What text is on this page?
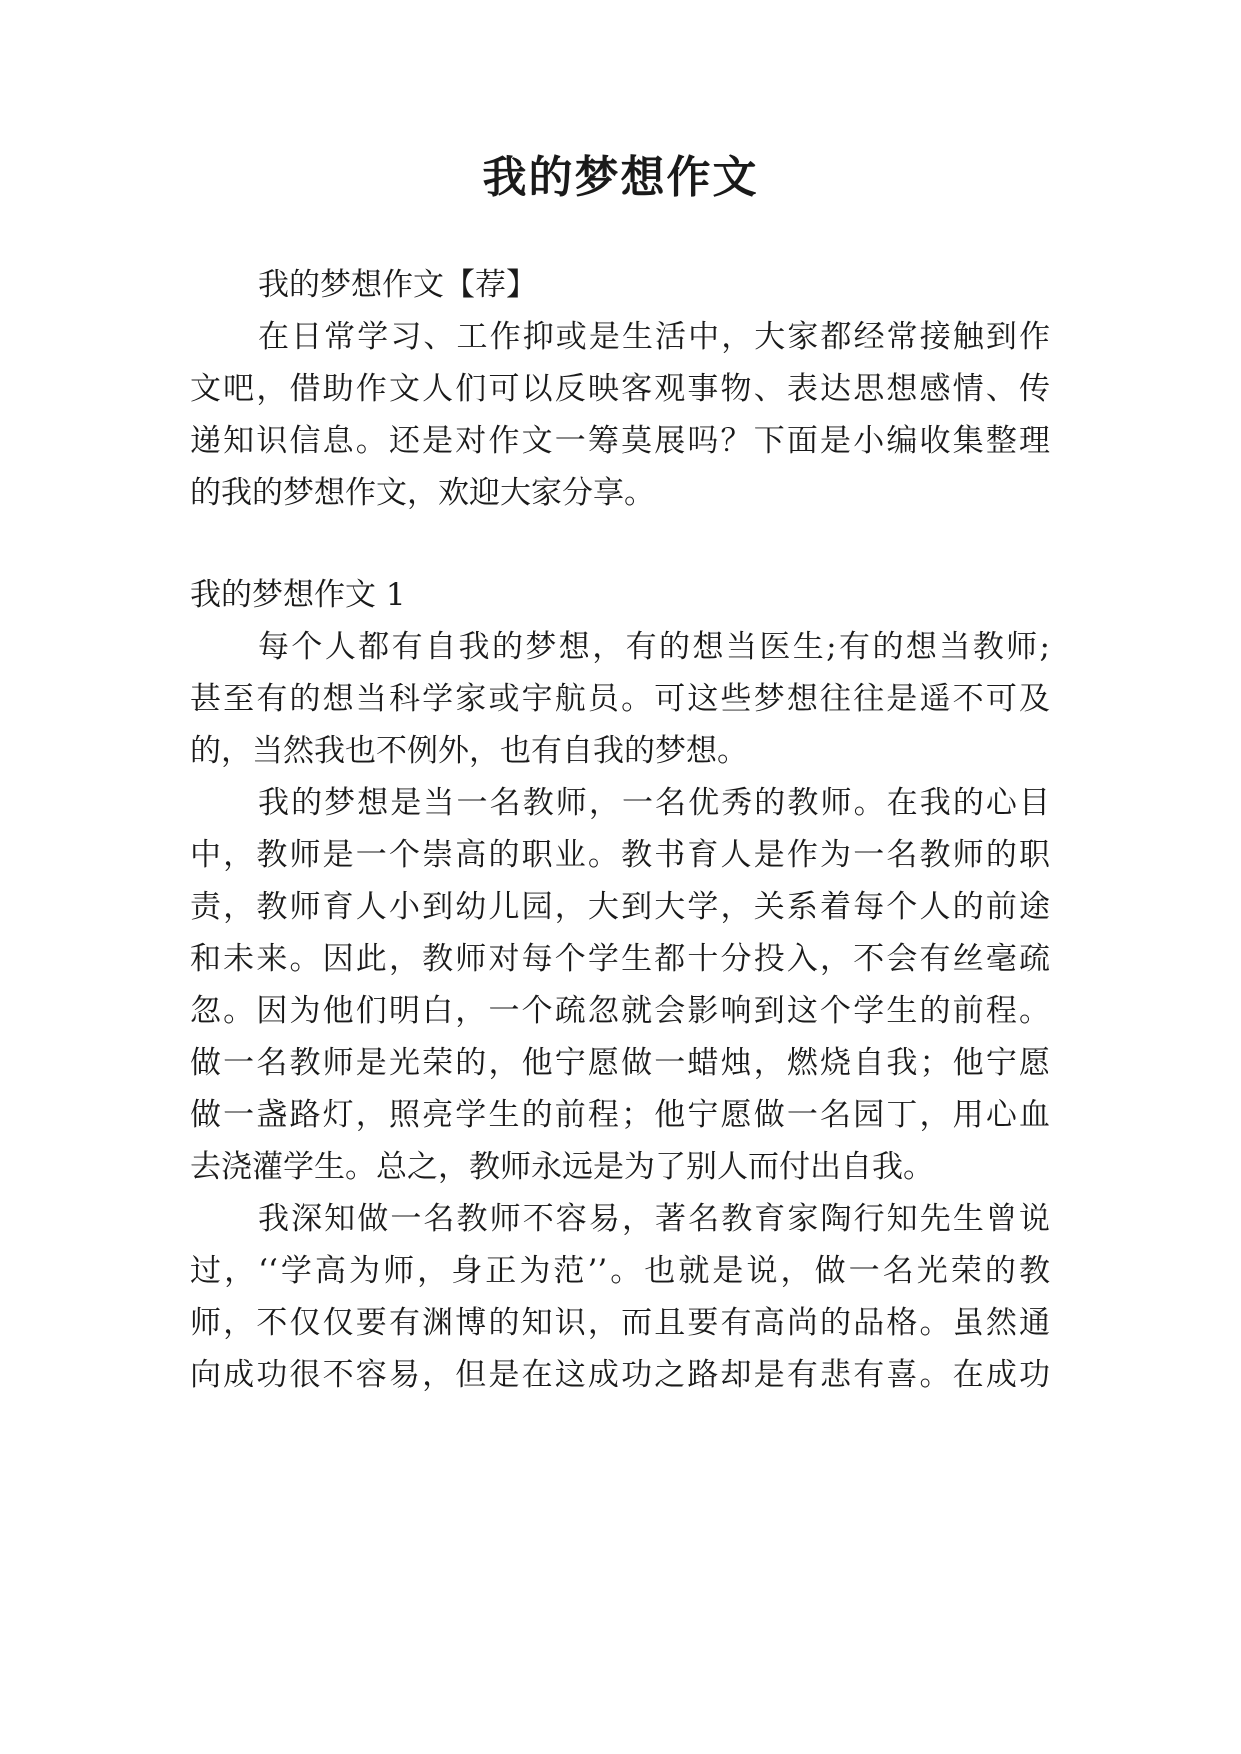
我的梦想作文
我的梦想作文【荐】
在日常学习、工作抑或是生活中，大家都经常接触到作
文吧，借助作文人们可以反映客观事物、表达思想感情、传
递知识信息。还是对作文一筹莫展吗？下面是小编收集整理
的我的梦想作文，欢迎大家分享。
我的梦想作文 1
每个人都有自我的梦想，有的想当医生;有的想当教师;
甚至有的想当科学家或宇航员。可这些梦想往往是遥不可及
的，当然我也不例外，也有自我的梦想。
我的梦想是当一名教师，一名优秀的教师。在我的心目
中，教师是一个崇高的职业。教书育人是作为一名教师的职
责，教师育人小到幼儿园，大到大学，关系着每个人的前途
和未来。因此，教师对每个学生都十分投入，不会有丝毫疏
忽。因为他们明白，一个疏忽就会影响到这个学生的前程。
做一名教师是光荣的，他宁愿做一蜡烛，燃烧自我；他宁愿
做一盏路灯，照亮学生的前程；他宁愿做一名园丁，用心血
去浇灌学生。总之，教师永远是为了别人而付出自我。
我深知做一名教师不容易，著名教育家陶行知先生曾说
过，‘‘学高为师，身正为范’’。也就是说，做一名光荣的教
师，不仅仅要有渊博的知识，而且要有高尚的品格。虽然通
向成功很不容易，但是在这成功之路却是有悲有喜。在成功
